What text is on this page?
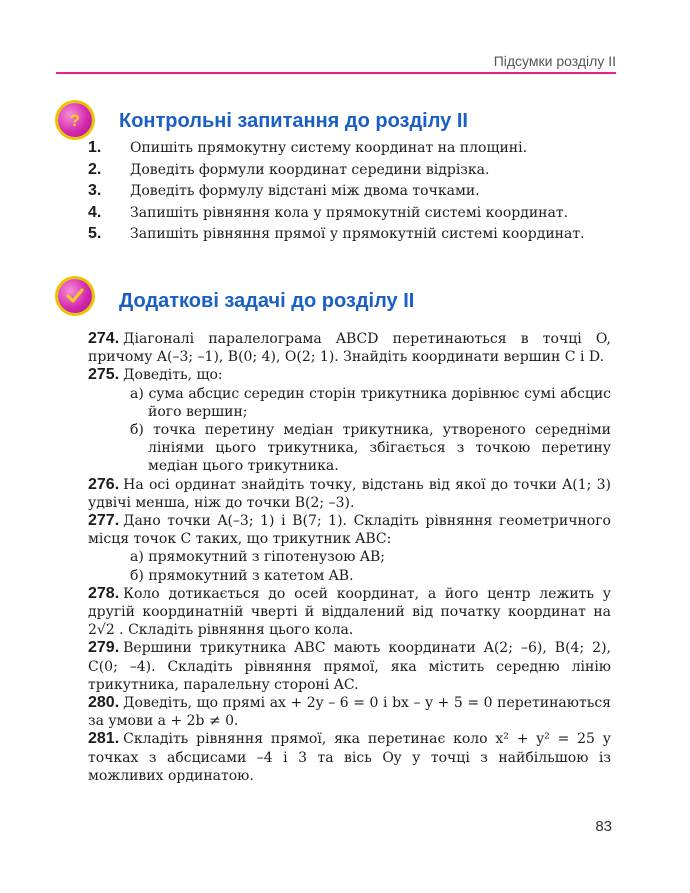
Підсумки розділу II
? Контрольні запитання до розділу II
1.	Опишіть прямокутну систему координат на площині.
2.	Доведіть формули координат середини відрізка.
3.	Доведіть формулу відстані між двома точками.
4.	Запишіть рівняння кола у прямокутній системі координат.
5.	Запишіть рівняння прямої у прямокутній системі координат.
Додаткові задачі до розділу II
274. Діагоналі паралелограма ABCD перетинаються в точці O, причому A(–3; –1), B(0; 4), O(2; 1). Знайдіть координати вершин C і D.
275. Доведіть, що:
а) сума абсцис середин сторін трикутника дорівнює сумі абсцис його вершин;
б) точка перетину медіан трикутника, утвореного середніми лініями цього трикутника, збігається з точкою перетину медіан цього трикутника.
276. На осі ординат знайдіть точку, відстань від якої до точки A(1; 3) удвічі менша, ніж до точки B(2; –3).
277. Дано точки A(–3; 1) і B(7; 1). Складіть рівняння геометричного місця точок C таких, що трикутник ABC:
а) прямокутний з гіпотенузою AB;
б) прямокутний з катетом AB.
278. Коло дотикається до осей координат, а його центр лежить у другій координатній чверті й віддалений від початку координат на 2√2 . Складіть рівняння цього кола.
279. Вершини трикутника ABC мають координати A(2; –6), B(4; 2), C(0; –4). Складіть рівняння прямої, яка містить середню лінію трикутника, паралельну стороні AC.
280. Доведіть, що прямі ax + 2y – 6 = 0 і bx – y + 5 = 0 перетинаються за умови a + 2b ≠ 0.
281. Складіть рівняння прямої, яка перетинає коло x² + y² = 25 у точках з абсцисами –4 і 3 та вісь Oy у точці з найбільшою із можливих ординатою.
83
